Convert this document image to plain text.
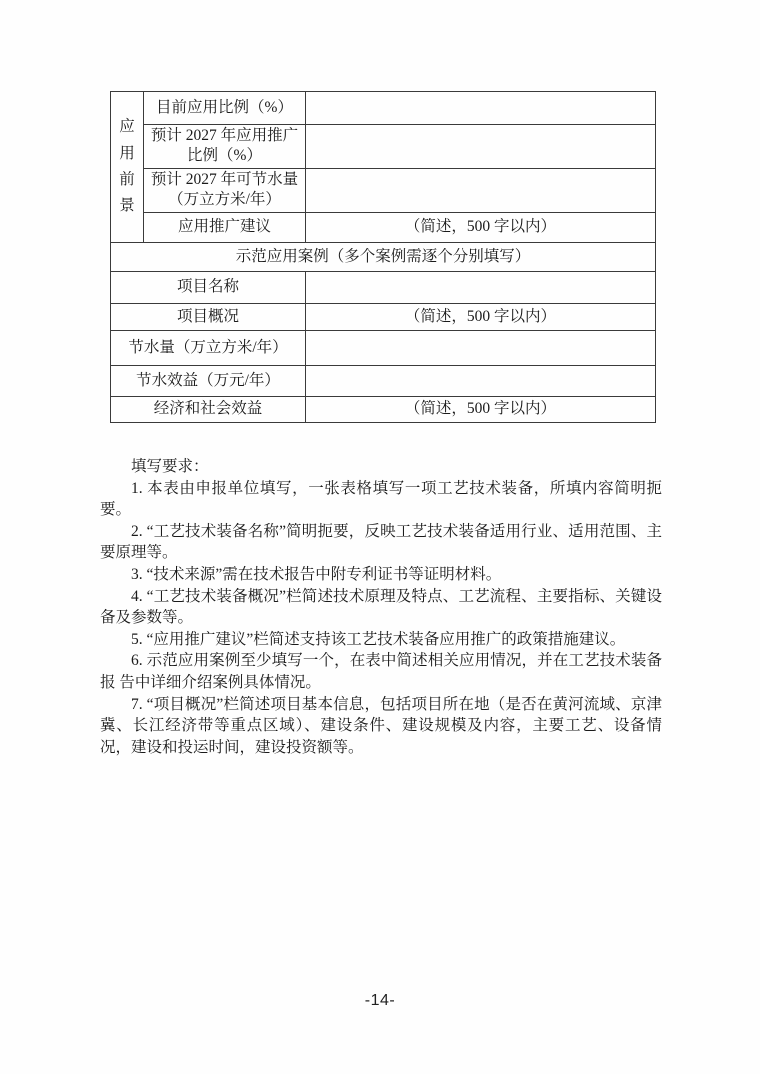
应用前景	目前应用比例（%）	
	预计 2027 年应用推广比例（%）	
	预计 2027 年可节水量（万立方米/年）	
	应用推广建议	（简述，500 字以内）
示范应用案例（多个案例需逐个分别填写）		
项目名称		
项目概况		（简述，500 字以内）
节水量（万立方米/年）		
节水效益（万元/年）		
经济和社会效益		（简述，500 字以内）

填写要求：

1. 本表由申报单位填写，一张表格填写一项工艺技术装备，所填内容简明扼要。

2. “工艺技术装备名称”简明扼要，反映工艺技术装备适用行业、适用范围、主要原理等。

3. “技术来源”需在技术报告中附专利证书等证明材料。

4. “工艺技术装备概况”栏简述技术原理及特点、工艺流程、主要指标、关键设备及参数等。

5. “应用推广建议”栏简述支持该工艺技术装备应用推广的政策措施建议。

6. 示范应用案例至少填写一个，在表中简述相关应用情况，并在工艺技术装备报 告中详细介绍案例具体情况。

7. “项目概况”栏简述项目基本信息，包括项目所在地（是否在黄河流域、京津冀、长江经济带等重点区域）、建设条件、建设规模及内容，主要工艺、设备情况，建设和投运时间，建设投资额等。

-14-
